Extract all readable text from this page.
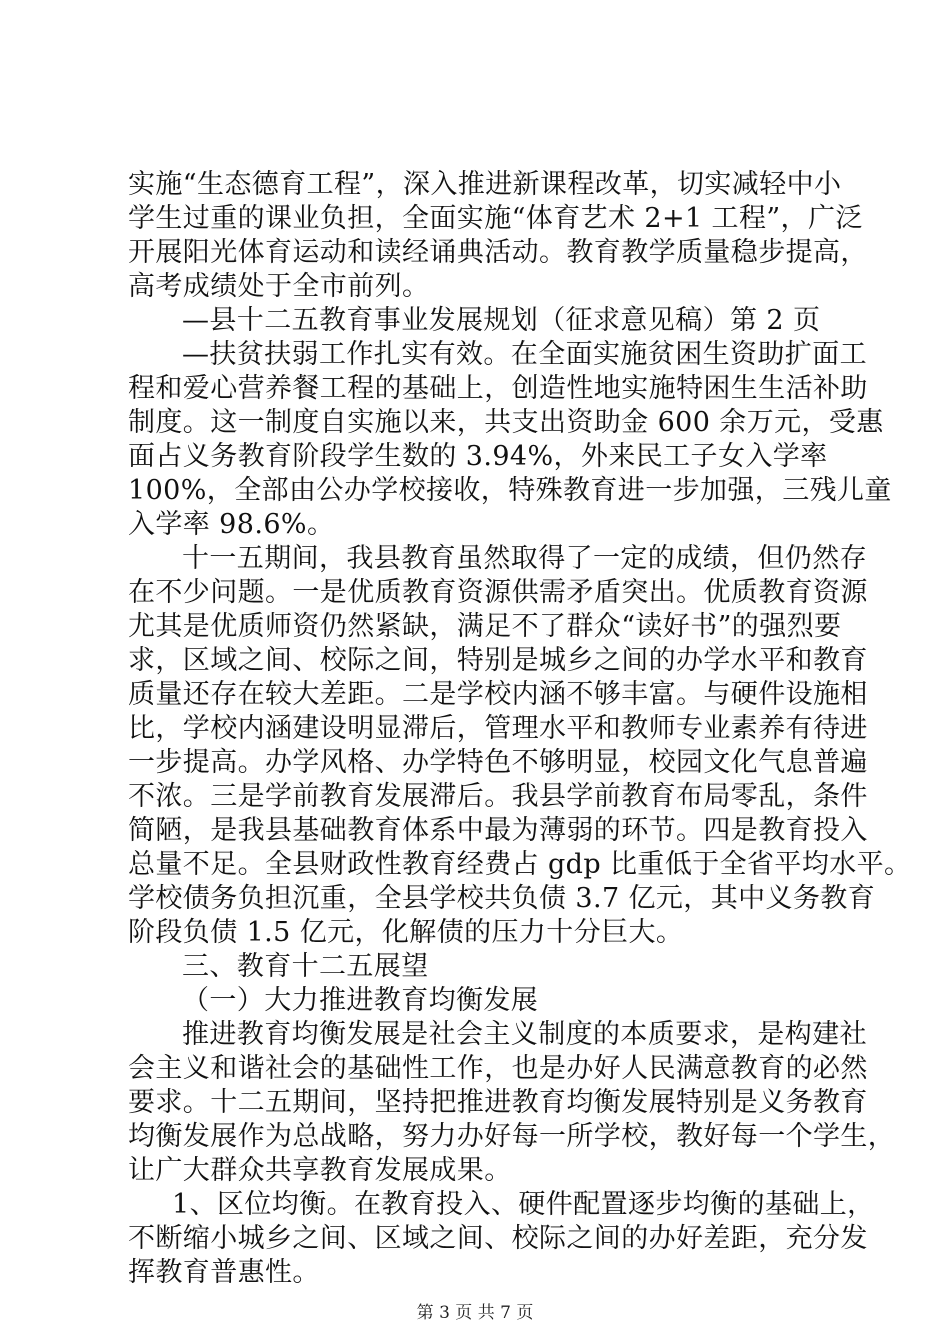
实施“生态德育工程”，深入推进新课程改革，切实减轻中小
学生过重的课业负担，全面实施“体育艺术 2+1 工程”，广泛
开展阳光体育运动和读经诵典活动。教育教学质量稳步提高，
高考成绩处于全市前列。
—县十二五教育事业发展规划（征求意见稿）第 2 页
—扶贫扶弱工作扎实有效。在全面实施贫困生资助扩面工
程和爱心营养餐工程的基础上，创造性地实施特困生生活补助
制度。这一制度自实施以来，共支出资助金 600 余万元，受惠
面占义务教育阶段学生数的 3.94%，外来民工子女入学率
100%，全部由公办学校接收，特殊教育进一步加强，三残儿童
入学率 98.6%。
十一五期间，我县教育虽然取得了一定的成绩，但仍然存
在不少问题。一是优质教育资源供需矛盾突出。优质教育资源
尤其是优质师资仍然紧缺，满足不了群众“读好书”的强烈要
求，区域之间、校际之间，特别是城乡之间的办学水平和教育
质量还存在较大差距。二是学校内涵不够丰富。与硬件设施相
比，学校内涵建设明显滞后，管理水平和教师专业素养有待进
一步提高。办学风格、办学特色不够明显，校园文化气息普遍
不浓。三是学前教育发展滞后。我县学前教育布局零乱，条件
简陋，是我县基础教育体系中最为薄弱的环节。四是教育投入
总量不足。全县财政性教育经费占 gdp 比重低于全省平均水平。
学校债务负担沉重，全县学校共负债 3.7 亿元，其中义务教育
阶段负债 1.5 亿元，化解债的压力十分巨大。
三、教育十二五展望
（一）大力推进教育均衡发展
推进教育均衡发展是社会主义制度的本质要求，是构建社
会主义和谐社会的基础性工作，也是办好人民满意教育的必然
要求。十二五期间，坚持把推进教育均衡发展特别是义务教育
均衡发展作为总战略，努力办好每一所学校，教好每一个学生，
让广大群众共享教育发展成果。
1、区位均衡。在教育投入、硬件配置逐步均衡的基础上，
不断缩小城乡之间、区域之间、校际之间的办好差距，充分发
挥教育普惠性。
第 3 页 共 7 页
